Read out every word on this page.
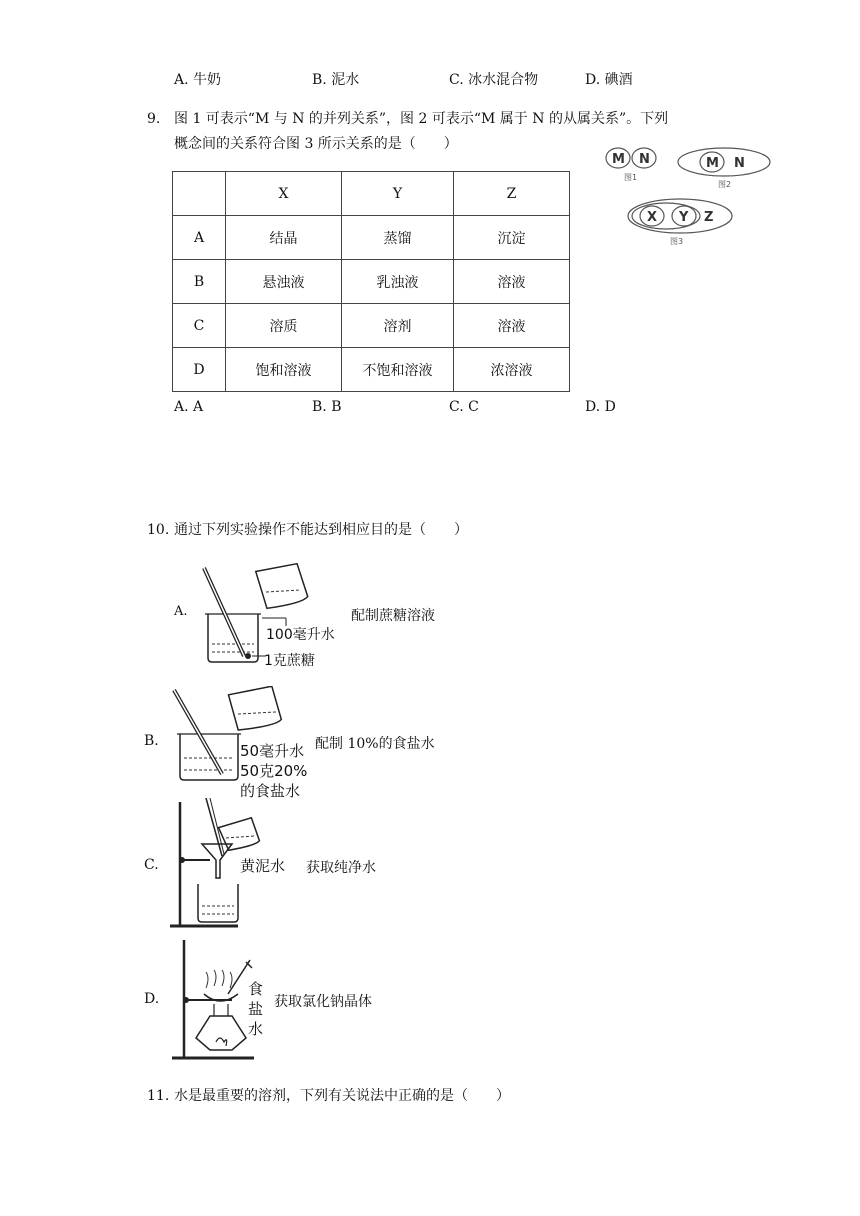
A. 牛奶	B. 泥水	C. 冰水混合物	D. 碘酒
9. 图 1 可表示“M 与 N 的并列关系”，图 2 可表示“M 属于 N 的从属关系”。下列
概念间的关系符合图 3 所示关系的是（　　）
M N
图1
M N
图2
X Y Z
图3
	X	Y	Z
A	结晶	蒸馏	沉淀
B	悬浊液	乳浊液	溶液
C	溶质	溶剂	溶液
D	饱和溶液	不饱和溶液	浓溶液
A. A	B. B	C. C	D. D
10. 通过下列实验操作不能达到相应目的是（　　）
A.
100毫升水
1克蔗糖
配制蔗糖溶液
B.
50毫升水
50克20%
的食盐水
配制 10%的食盐水
C.	黄泥水 获取纯净水
D.
食
盐
水
获取氯化钠晶体
11. 水是最重要的溶剂，下列有关说法中正确的是（　　）
